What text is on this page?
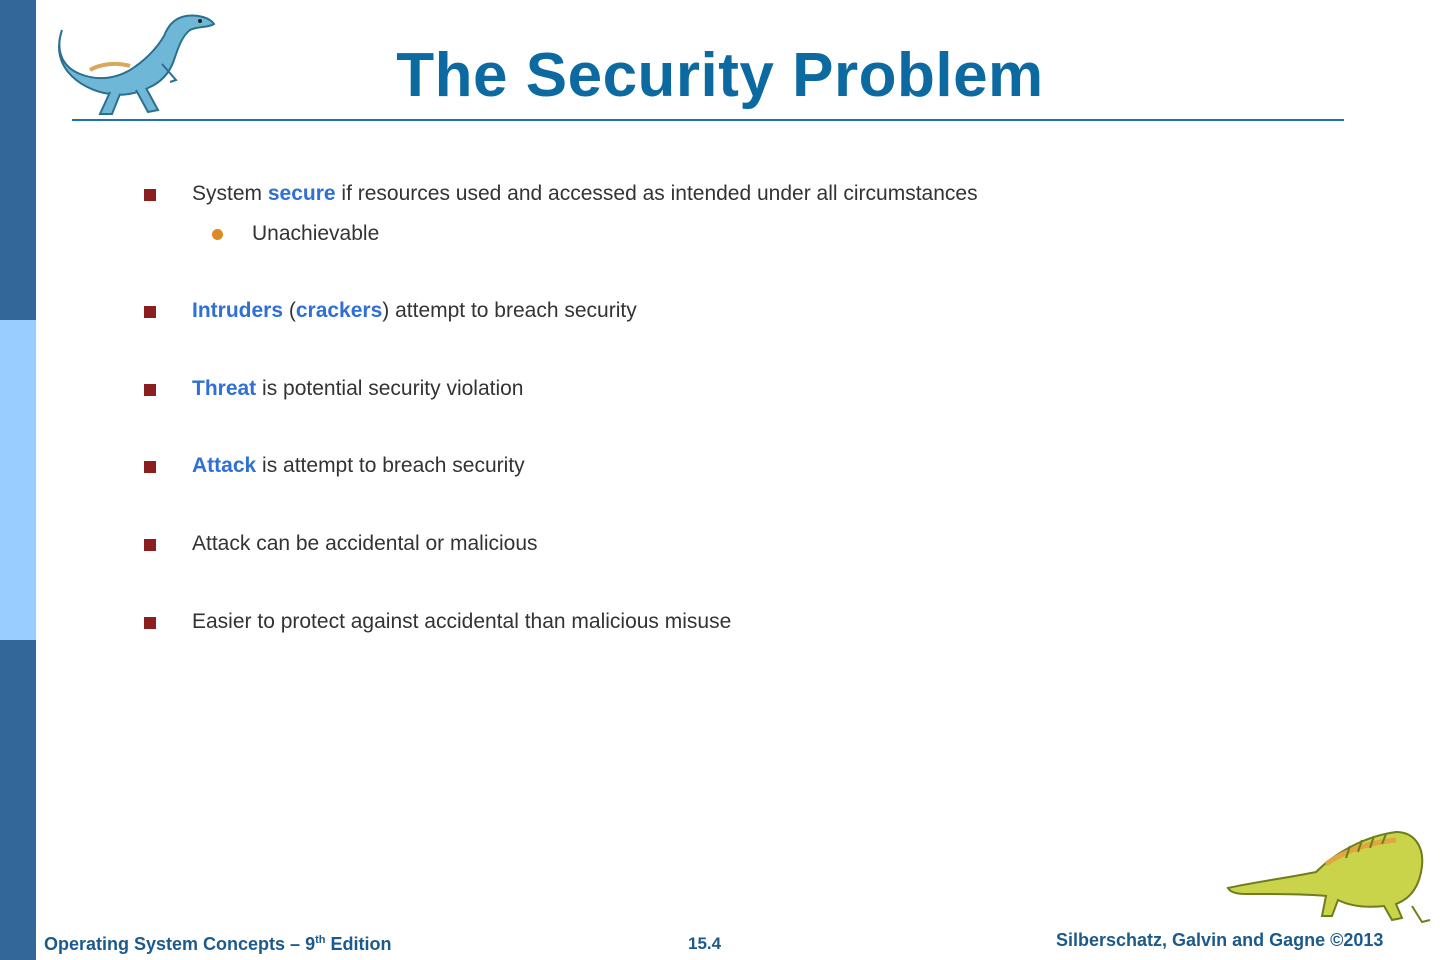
The Security Problem
System secure if resources used and accessed as intended under all circumstances
Unachievable
Intruders (crackers) attempt to breach security
Threat is potential security violation
Attack is attempt to breach security
Attack can be accidental or malicious
Easier to protect against accidental than malicious misuse
Operating System Concepts – 9th Edition	15.4	Silberschatz, Galvin and Gagne ©2013
